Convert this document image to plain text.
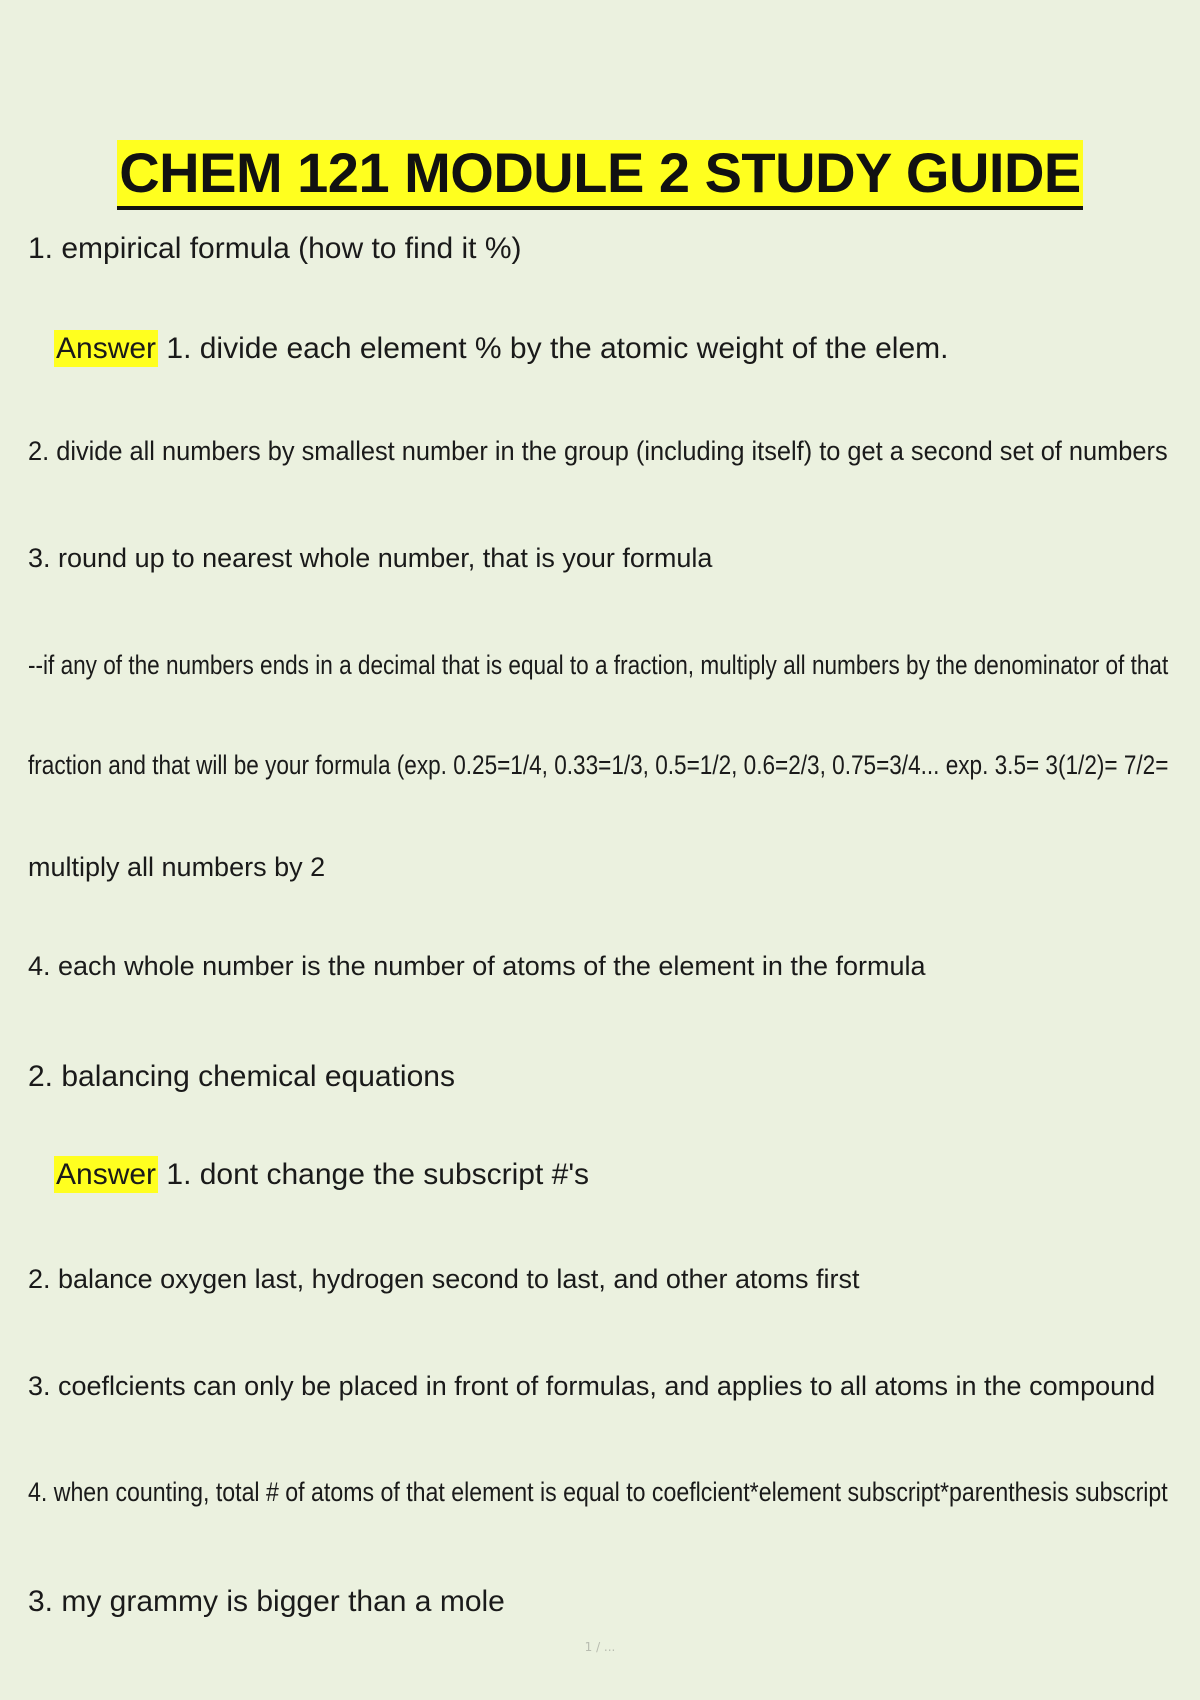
CHEM 121 MODULE 2 STUDY GUIDE
1. empirical formula (how to find it %)
Answer 1. divide each element % by the atomic weight of the elem.
2. divide all numbers by smallest number in the group (including itself) to get a second set of numbers
3. round up to nearest whole number, that is your formula
--if any of the numbers ends in a decimal that is equal to a fraction, multiply all numbers by the denominator of that
fraction and that will be your formula (exp. 0.25=1/4, 0.33=1/3, 0.5=1/2, 0.6=2/3, 0.75=3/4... exp. 3.5= 3(1/2)= 7/2=
multiply all numbers by 2
4. each whole number is the number of atoms of the element in the formula
2. balancing chemical equations
Answer 1. dont change the subscript #'s
2. balance oxygen last, hydrogen second to last, and other atoms first
3. coeflcients can only be placed in front of formulas, and applies to all atoms in the compound
4. when counting, total # of atoms of that element is equal to coeflcient*element subscript*parenthesis subscript
3. my grammy is bigger than a mole
1 / ...
